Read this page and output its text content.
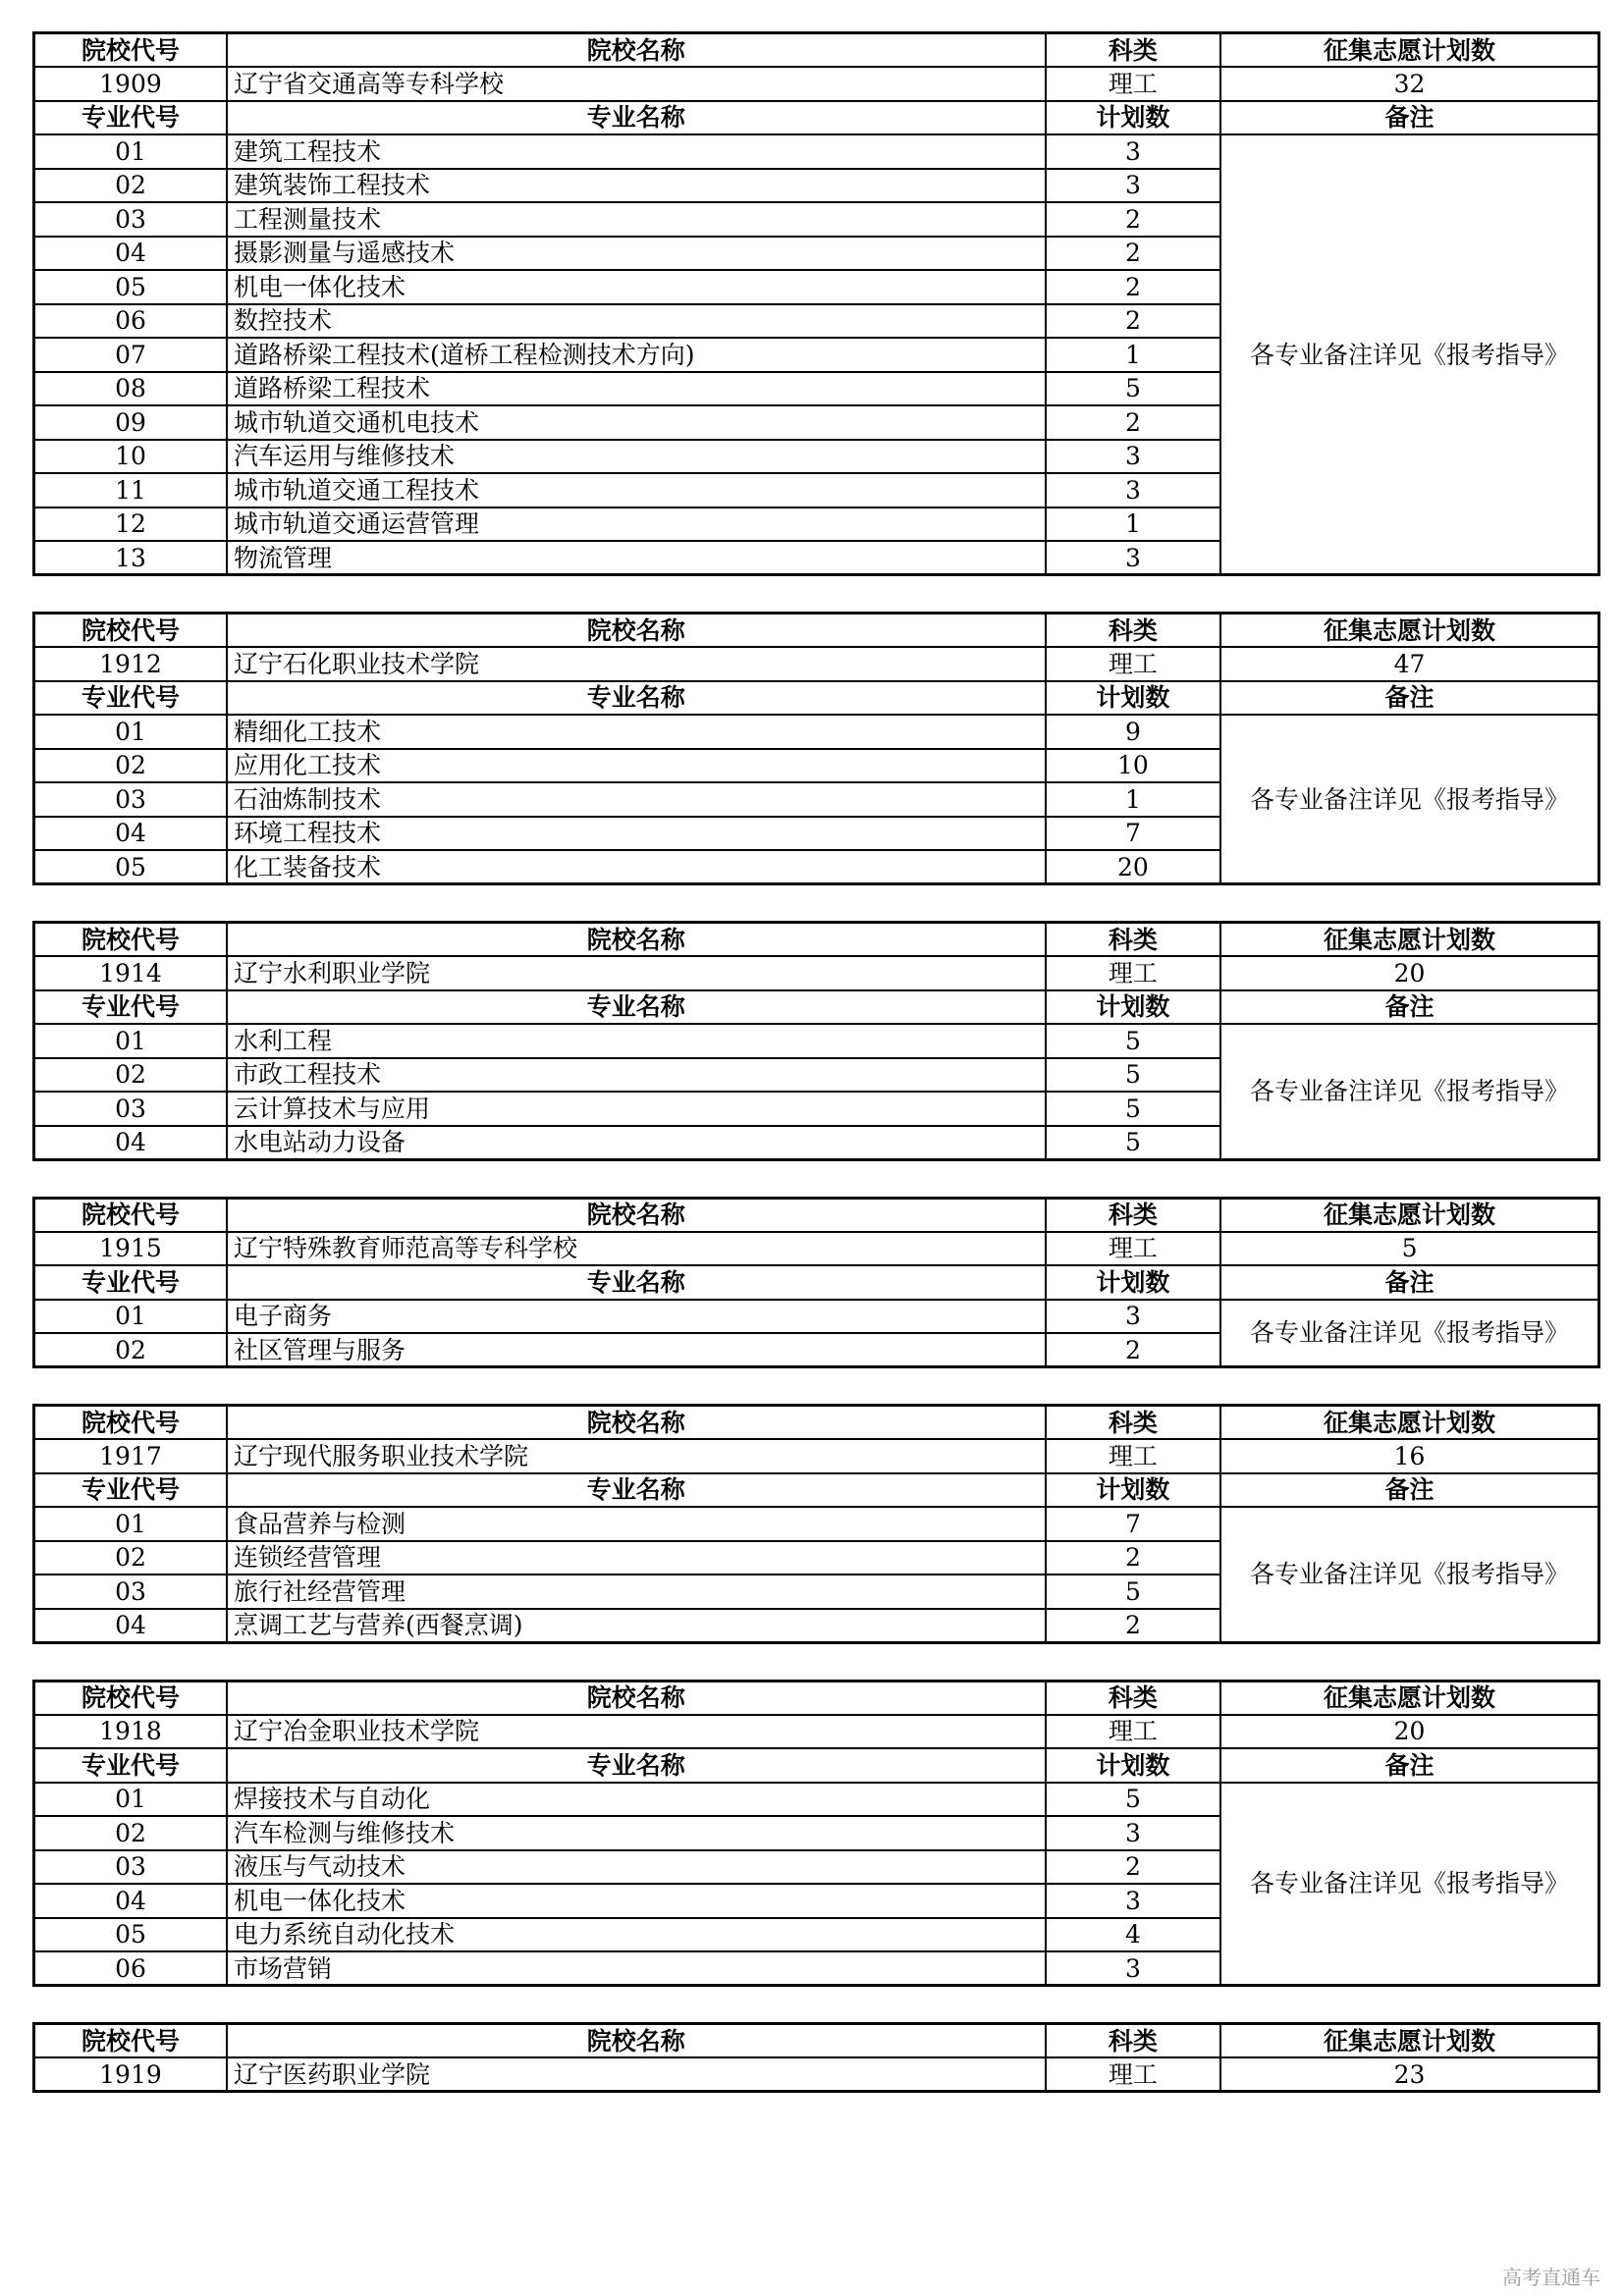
院校代号	院校名称	科类	征集志愿计划数
1909	辽宁省交通高等专科学校	理工	32
专业代号	专业名称	计划数	备注
01	建筑工程技术	3	各专业备注详见《报考指导》
02	建筑装饰工程技术	3	
03	工程测量技术	2	
04	摄影测量与遥感技术	2	
05	机电一体化技术	2	
06	数控技术	2	
07	道路桥梁工程技术(道桥工程检测技术方向)	1	
08	道路桥梁工程技术	5	
09	城市轨道交通机电技术	2	
10	汽车运用与维修技术	3	
11	城市轨道交通工程技术	3	
12	城市轨道交通运营管理	1	
13	物流管理	3	
院校代号	院校名称	科类	征集志愿计划数
1912	辽宁石化职业技术学院	理工	47
专业代号	专业名称	计划数	备注
01	精细化工技术	9	各专业备注详见《报考指导》
02	应用化工技术	10	
03	石油炼制技术	1	
04	环境工程技术	7	
05	化工装备技术	20	
院校代号	院校名称	科类	征集志愿计划数
1914	辽宁水利职业学院	理工	20
专业代号	专业名称	计划数	备注
01	水利工程	5	各专业备注详见《报考指导》
02	市政工程技术	5	
03	云计算技术与应用	5	
04	水电站动力设备	5	
院校代号	院校名称	科类	征集志愿计划数
1915	辽宁特殊教育师范高等专科学校	理工	5
专业代号	专业名称	计划数	备注
01	电子商务	3	各专业备注详见《报考指导》
02	社区管理与服务	2	
院校代号	院校名称	科类	征集志愿计划数
1917	辽宁现代服务职业技术学院	理工	16
专业代号	专业名称	计划数	备注
01	食品营养与检测	7	各专业备注详见《报考指导》
02	连锁经营管理	2	
03	旅行社经营管理	5	
04	烹调工艺与营养(西餐烹调)	2	
院校代号	院校名称	科类	征集志愿计划数
1918	辽宁冶金职业技术学院	理工	20
专业代号	专业名称	计划数	备注
01	焊接技术与自动化	5	各专业备注详见《报考指导》
02	汽车检测与维修技术	3	
03	液压与气动技术	2	
04	机电一体化技术	3	
05	电力系统自动化技术	4	
06	市场营销	3	
院校代号	院校名称	科类	征集志愿计划数
1919	辽宁医药职业学院	理工	23
高考直通车
